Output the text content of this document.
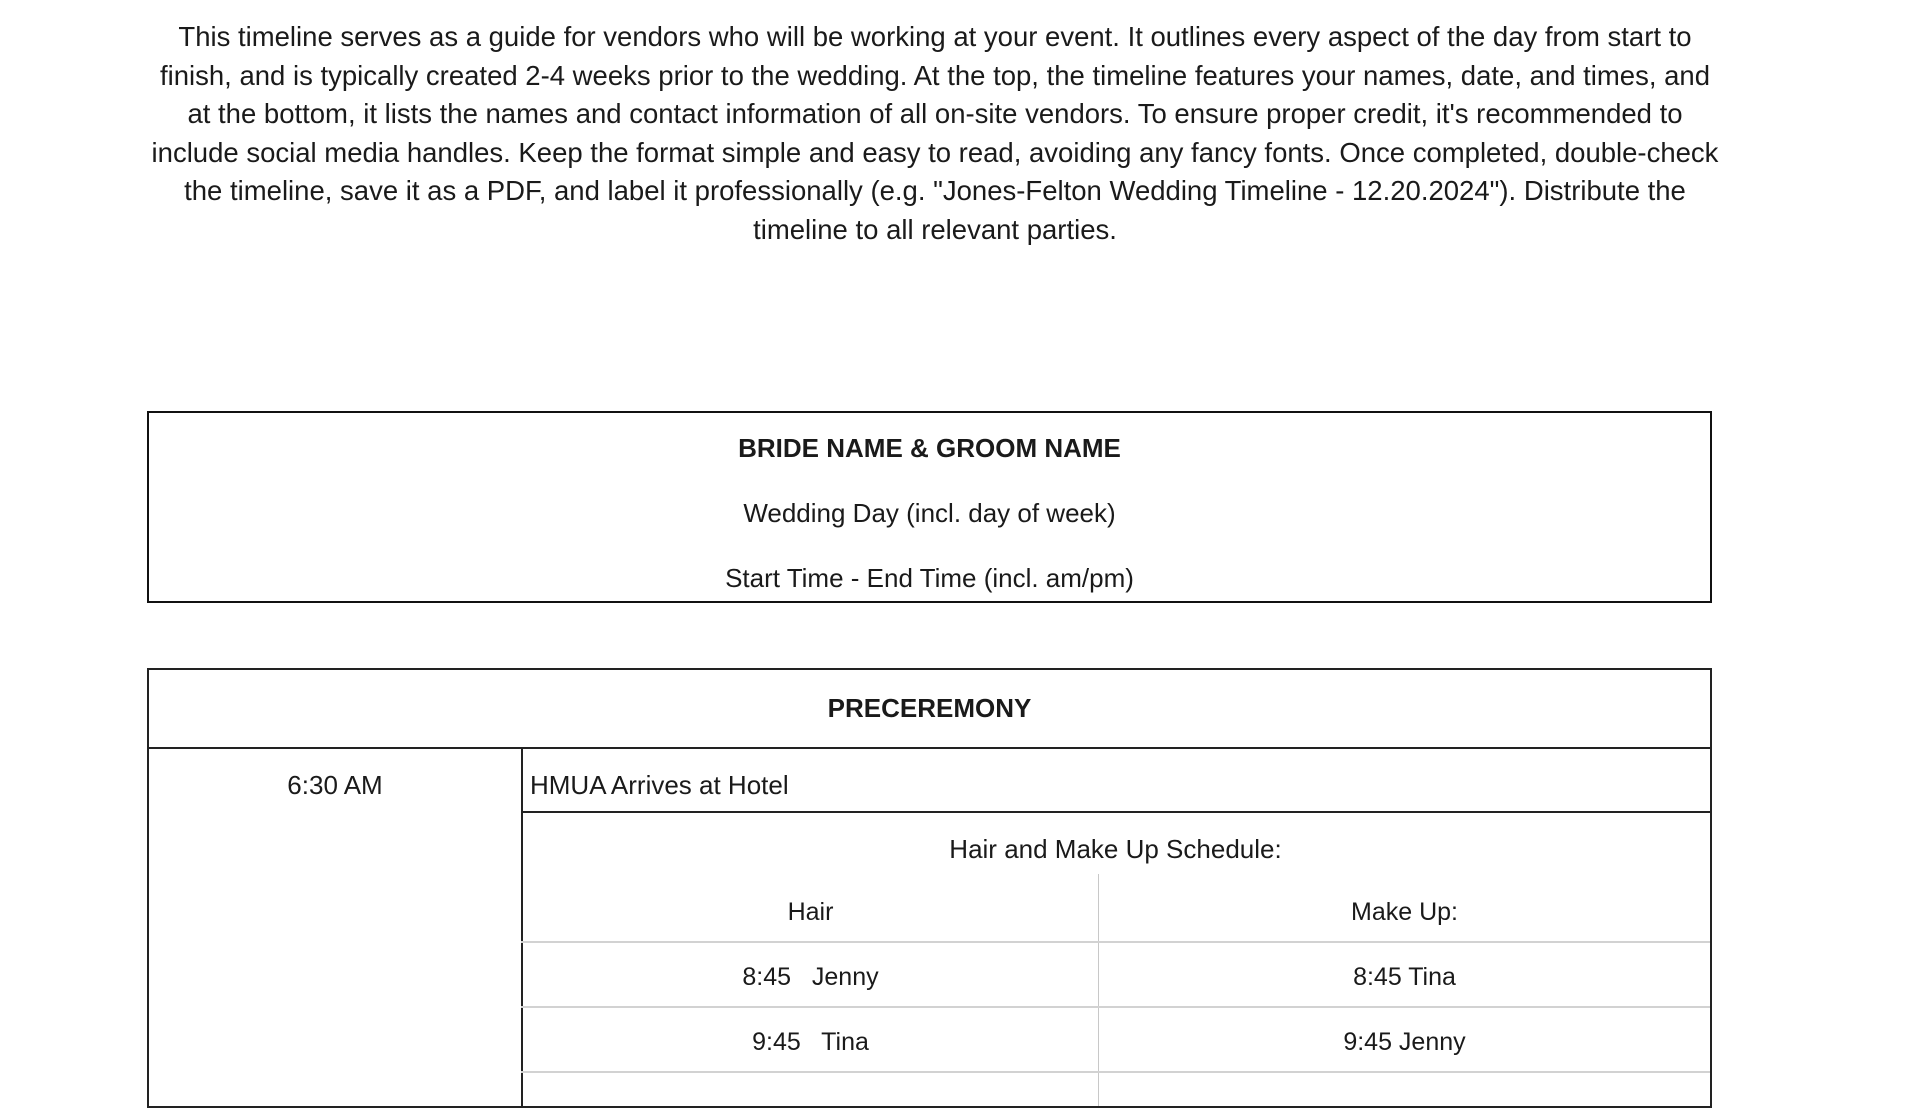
This timeline serves as a guide for vendors who will be working at your event. It outlines every aspect of the day from start to finish, and is typically created 2-4 weeks prior to the wedding. At the top, the timeline features your names, date, and times, and at the bottom, it lists the names and contact information of all on-site vendors. To ensure proper credit, it's recommended to include social media handles. Keep the format simple and easy to read, avoiding any fancy fonts. Once completed, double-check the timeline, save it as a PDF, and label it professionally (e.g. "Jones-Felton Wedding Timeline - 12.20.2024"). Distribute the timeline to all relevant parties.

BRIDE NAME & GROOM NAME
Wedding Day (incl. day of week)
Start Time - End Time (incl. am/pm)
PRECEREMONY
6:30 AM	HMUA Arrives at Hotel
Hair and Make Up Schedule:
Hair	Make Up:
8:45   Jenny	8:45 Tina
9:45   Tina	9:45 Jenny
